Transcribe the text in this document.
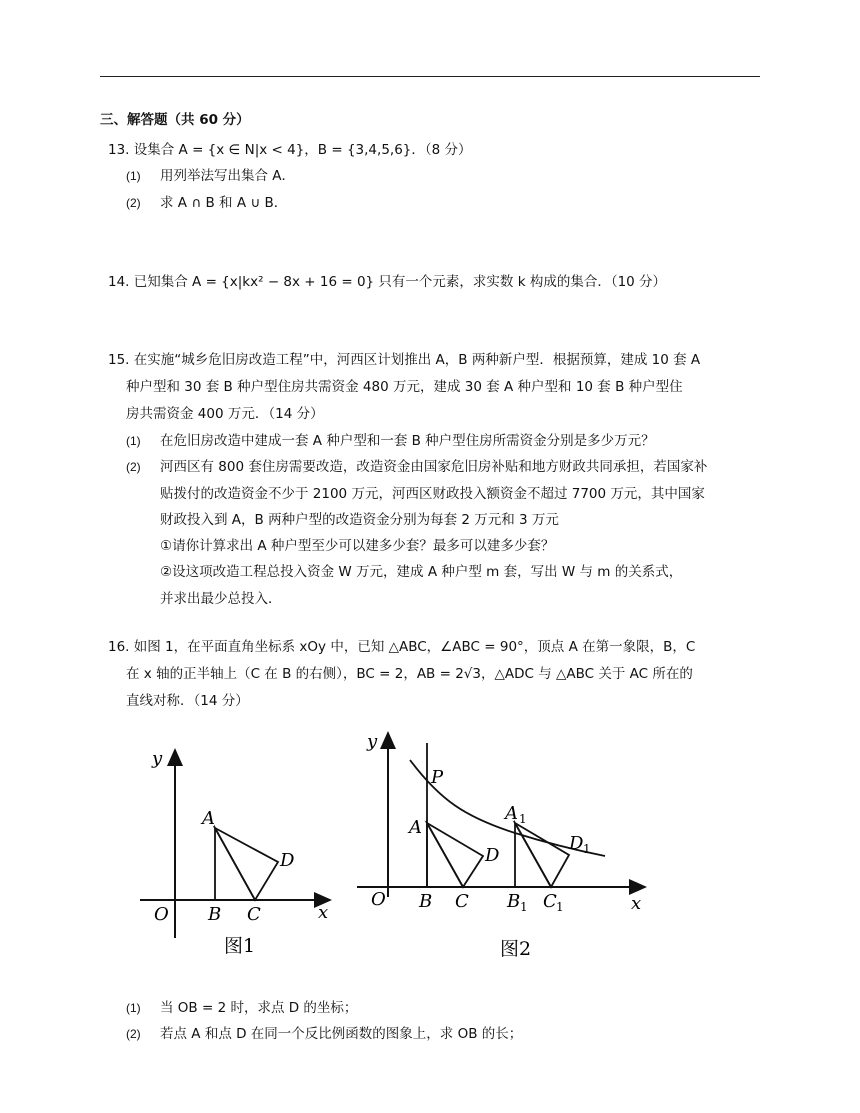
三、解答题（共 60 分）
13. 设集合 A = {x ∈ N|x < 4}，B = {3,4,5,6}．（8 分）
(1) 用列举法写出集合 A．
(2) 求 A ∩ B 和 A ∪ B．
14. 已知集合 A = {x|kx² − 8x + 16 = 0} 只有一个元素，求实数 k 构成的集合．（10 分）
15. 在实施“城乡危旧房改造工程”中，河西区计划推出 A，B 两种新户型．根据预算，建成 10 套 A
种户型和 30 套 B 种户型住房共需资金 480 万元，建成 30 套 A 种户型和 10 套 B 种户型住
房共需资金 400 万元．（14 分）
(1) 在危旧房改造中建成一套 A 种户型和一套 B 种户型住房所需资金分别是多少万元？
(2) 河西区有 800 套住房需要改造，改造资金由国家危旧房补贴和地方财政共同承担，若国家补
贴拨付的改造资金不少于 2100 万元，河西区财政投入额资金不超过 7700 万元，其中国家
财政投入到 A，B 两种户型的改造资金分别为每套 2 万元和 3 万元
①请你计算求出 A 种户型至少可以建多少套？最多可以建多少套？
②设这项改造工程总投入资金 W 万元，建成 A 种户型 m 套，写出 W 与 m 的关系式，
并求出最少总投入．
16. 如图 1，在平面直角坐标系 xOy 中，已知 △ABC，∠ABC = 90°，顶点 A 在第一象限，B，C
在 x 轴的正半轴上（C 在 B 的右侧），BC = 2，AB = 2√3，△ADC 与 △ABC 关于 AC 所在的
直线对称．（14 分）
y
x
O
A
B C
D
图1
y
x
O
P
A
B C
D
A 1
B 1 C 1
D 1
图2
(1) 当 OB = 2 时，求点 D 的坐标；
(2) 若点 A 和点 D 在同一个反比例函数的图象上，求 OB 的长；
